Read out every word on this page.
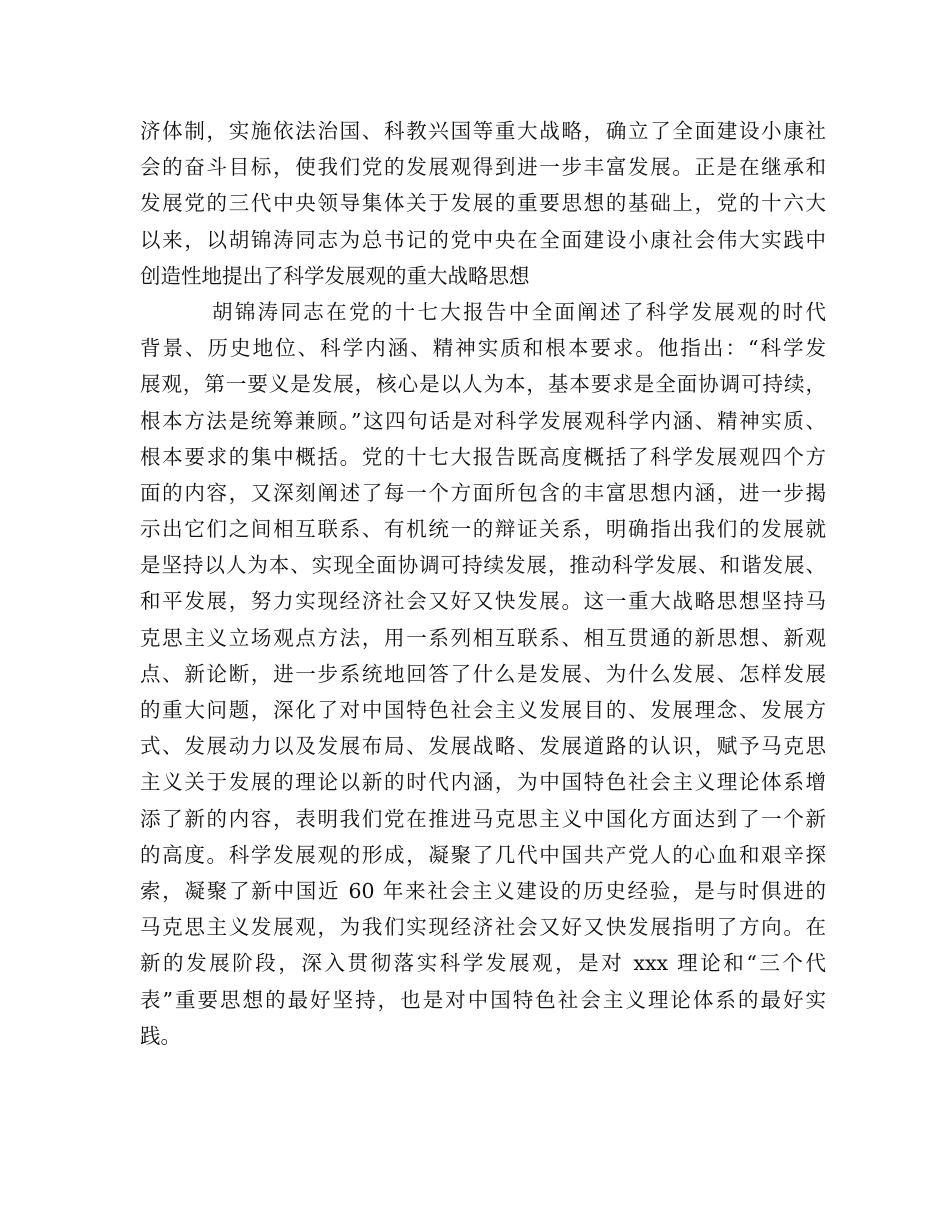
济体制，实施依法治国、科教兴国等重大战略，确立了全面建设小康社
会的奋斗目标，使我们党的发展观得到进一步丰富发展。正是在继承和
发展党的三代中央领导集体关于发展的重要思想的基础上，党的十六大
以来，以胡锦涛同志为总书记的党中央在全面建设小康社会伟大实践中
创造性地提出了科学发展观的重大战略思想
胡锦涛同志在党的十七大报告中全面阐述了科学发展观的时代
背景、历史地位、科学内涵、精神实质和根本要求。他指出：“科学发
展观，第一要义是发展，核心是以人为本，基本要求是全面协调可持续，
根本方法是统筹兼顾。”这四句话是对科学发展观科学内涵、精神实质、
根本要求的集中概括。党的十七大报告既高度概括了科学发展观四个方
面的内容，又深刻阐述了每一个方面所包含的丰富思想内涵，进一步揭
示出它们之间相互联系、有机统一的辩证关系，明确指出我们的发展就
是坚持以人为本、实现全面协调可持续发展，推动科学发展、和谐发展、
和平发展，努力实现经济社会又好又快发展。这一重大战略思想坚持马
克思主义立场观点方法，用一系列相互联系、相互贯通的新思想、新观
点、新论断，进一步系统地回答了什么是发展、为什么发展、怎样发展
的重大问题，深化了对中国特色社会主义发展目的、发展理念、发展方
式、发展动力以及发展布局、发展战略、发展道路的认识，赋予马克思
主义关于发展的理论以新的时代内涵，为中国特色社会主义理论体系增
添了新的内容，表明我们党在推进马克思主义中国化方面达到了一个新
的高度。科学发展观的形成，凝聚了几代中国共产党人的心血和艰辛探
索，凝聚了新中国近 60 年来社会主义建设的历史经验，是与时俱进的
马克思主义发展观，为我们实现经济社会又好又快发展指明了方向。在
新的发展阶段，深入贯彻落实科学发展观，是对 xxx 理论和“三个代
表”重要思想的最好坚持，也是对中国特色社会主义理论体系的最好实
践。
